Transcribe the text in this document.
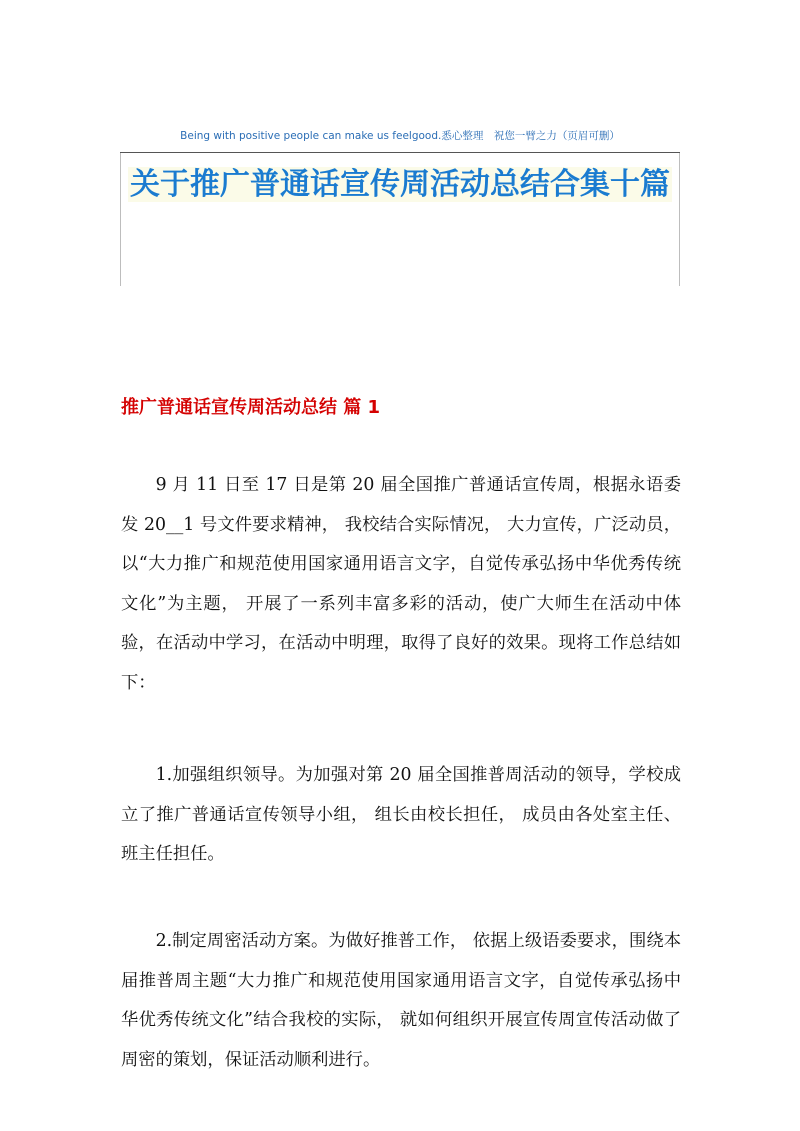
Being with positive people can make us feelgood.悉心整理　祝您一臂之力（页眉可删）
关于推广普通话宣传周活动总结合集十篇
推广普通话宣传周活动总结 篇 1

9 月 11 日至 17 日是第 20 届全国推广普通话宣传周，根据永语委发 20__1 号文件要求精神， 我校结合实际情况， 大力宣传，广泛动员，以“大力推广和规范使用国家通用语言文字，自觉传承弘扬中华优秀传统文化”为主题， 开展了一系列丰富多彩的活动，使广大师生在活动中体验，在活动中学习，在活动中明理，取得了良好的效果。现将工作总结如下：

1.加强组织领导。为加强对第 20 届全国推普周活动的领导，学校成立了推广普通话宣传领导小组， 组长由校长担任， 成员由各处室主任、班主任担任。

2.制定周密活动方案。为做好推普工作， 依据上级语委要求，围绕本届推普周主题“大力推广和规范使用国家通用语言文字，自觉传承弘扬中华优秀传统文化”结合我校的实际， 就如何组织开展宣传周宣传活动做了周密的策划，保证活动顺利进行。
